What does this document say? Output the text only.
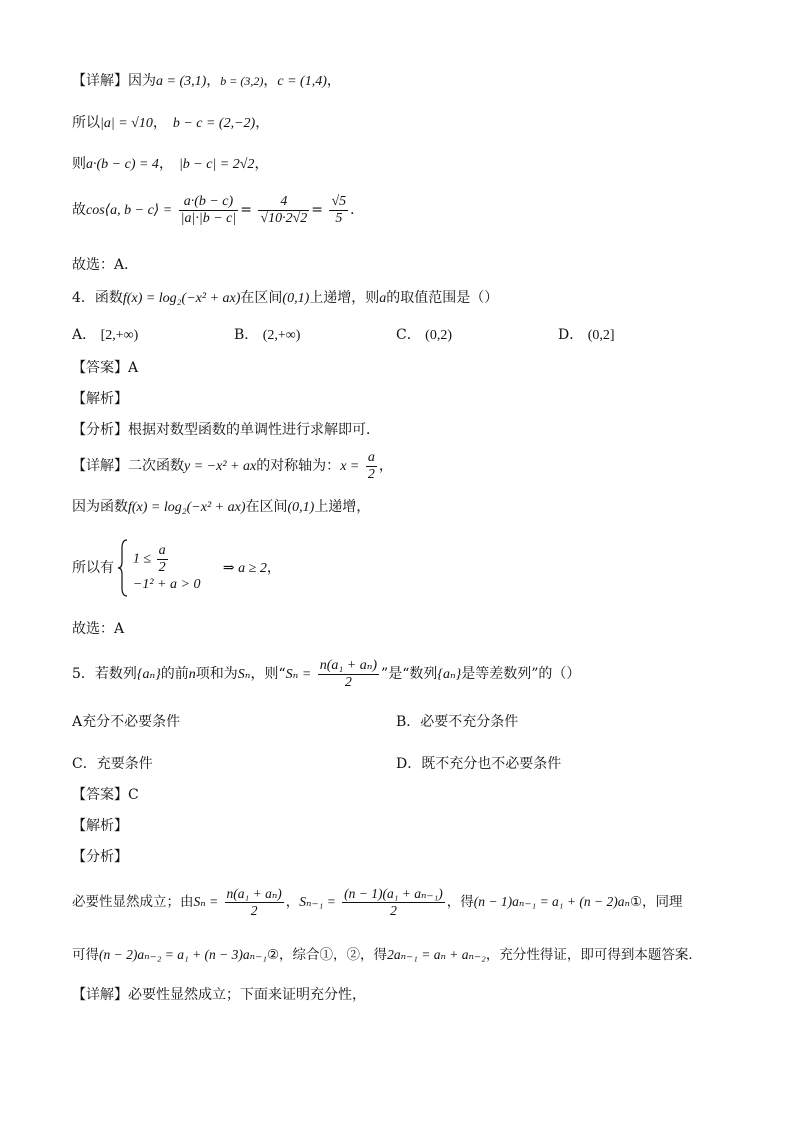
【详解】因为a = (3,1)，b = (3,2)，c = (1,4)，
所以|a| = √10， b − c = (2,−2)，
则a·(b − c) = 4， |b − c| = 2√2，
故cos⟨a, b − c⟩ = $\frac{a\cdot(b - c)}{|a|\cdot|b - c|} = \frac{4}{√10\cdot 2√2} = \frac{√5}{5}$ ．
故选：A．
4．函数f(x) = log₂(−x² + ax)在区间(0,1)上递增，则a的取值范围是（）
A． [2,+∞)	B． (2,+∞)	C． (0,2)	D． (0,2]
【答案】A
【解析】
【分析】根据对数型函数的单调性进行求解即可．
【详解】二次函数y = −x² + ax的对称轴为：$x = \frac{a}{2}$ ，
因为函数f(x) = log₂(−x² + ax)在区间(0,1)上递增，
所以有
$1 \le \frac{a}{2}$
−1² + a > 0
⇒ a ≥ 2，
故选：A
5．若数列{aₙ}的前n项和为Sₙ，则“$S_n = \frac{\text{n(a₁ + aₙ)}}{2}$ ”是“数列{aₙ}是等差数列”的（）
A充分不必要条件	B．必要不充分条件
C．充要条件	D．既不充分也不必要条件
【答案】C
【解析】
【分析】
必要性显然成立；由$S_n = \frac{\text{n(a₁ + aₙ)}}{2}$ ，$S_{n-1} = \frac{\text{(n − 1)(a₁ + aₙ₋₁)}}{2}$ ，得(n − 1)aₙ₋₁ = a₁ + (n − 2)aₙ①，同理
可得(n − 2)aₙ₋₂ = a₁ + (n − 3)aₙ₋₁②，综合①，②，得2aₙ₋₁ = aₙ + aₙ₋₂，充分性得证，即可得到本题答案．
【详解】必要性显然成立；下面来证明充分性，
